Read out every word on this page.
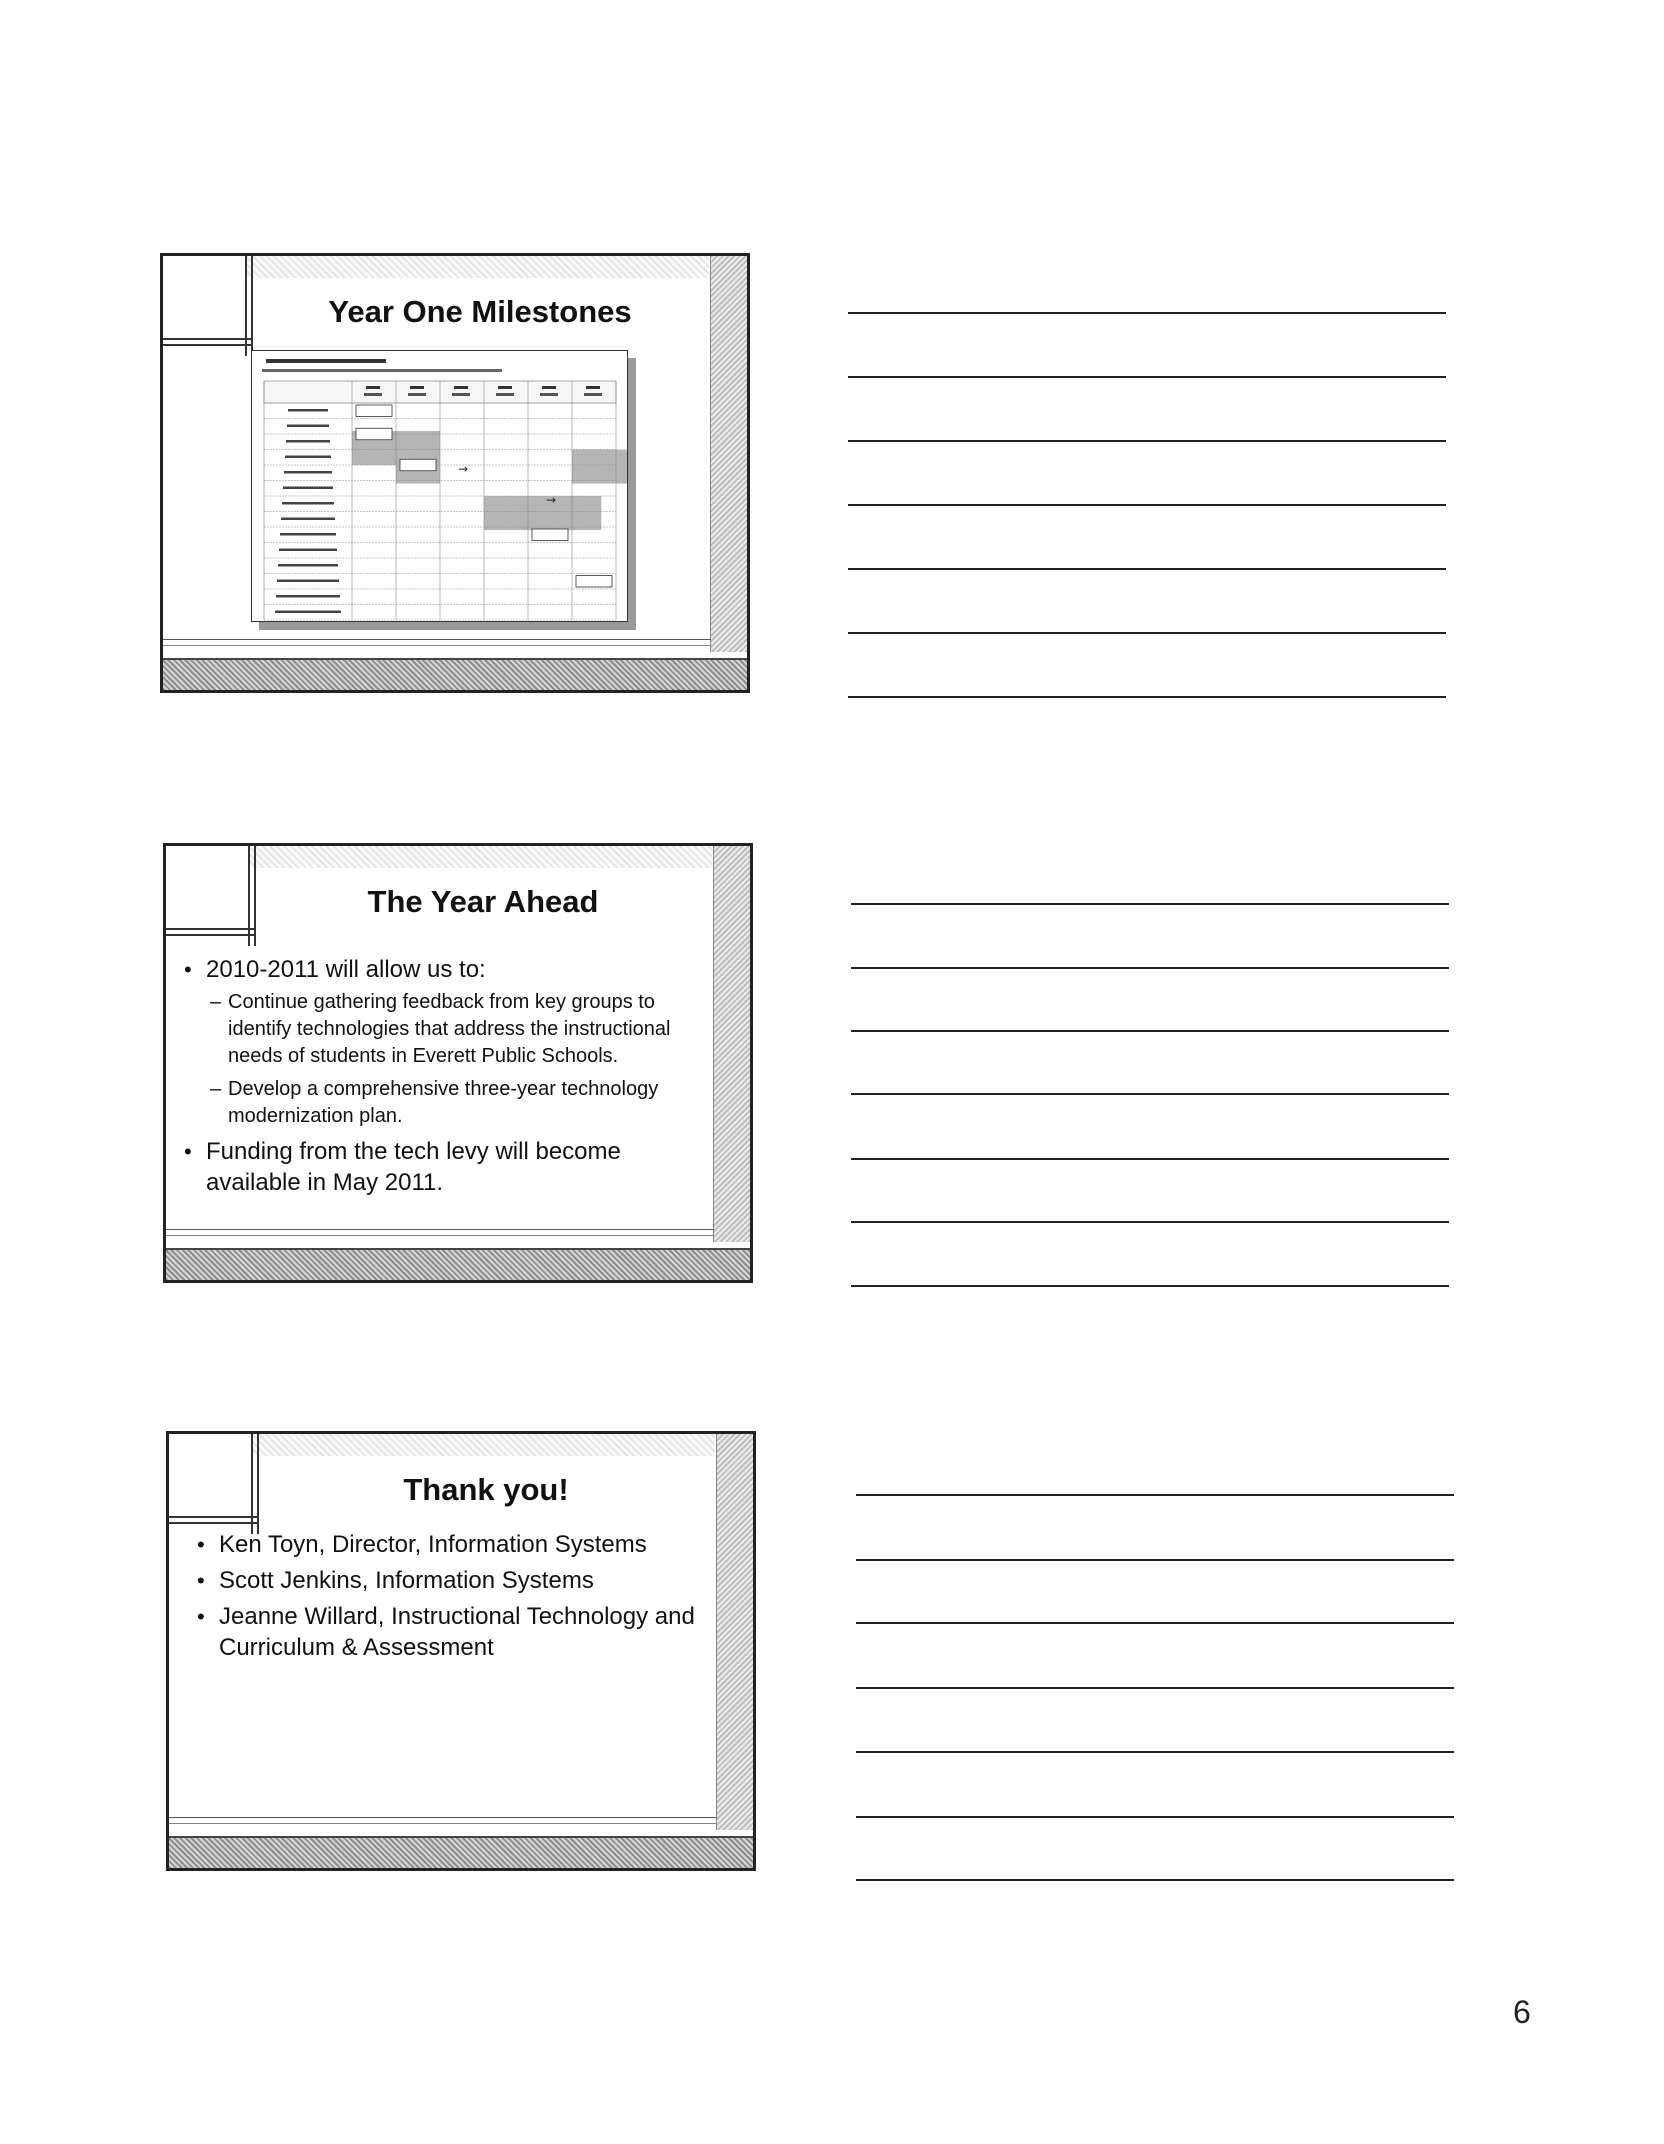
Year One Milestones
→
→
The Year Ahead
• 2010-2011 will allow us to:
– Continue gathering feedback from key groups to identify technologies that address the instructional needs of students in Everett Public Schools.
– Develop a comprehensive three-year technology modernization plan.
• Funding from the tech levy will become available in May 2011.
Thank you!
• Ken Toyn, Director, Information Systems
• Scott Jenkins, Information Systems
• Jeanne Willard, Instructional Technology and Curriculum & Assessment
6
